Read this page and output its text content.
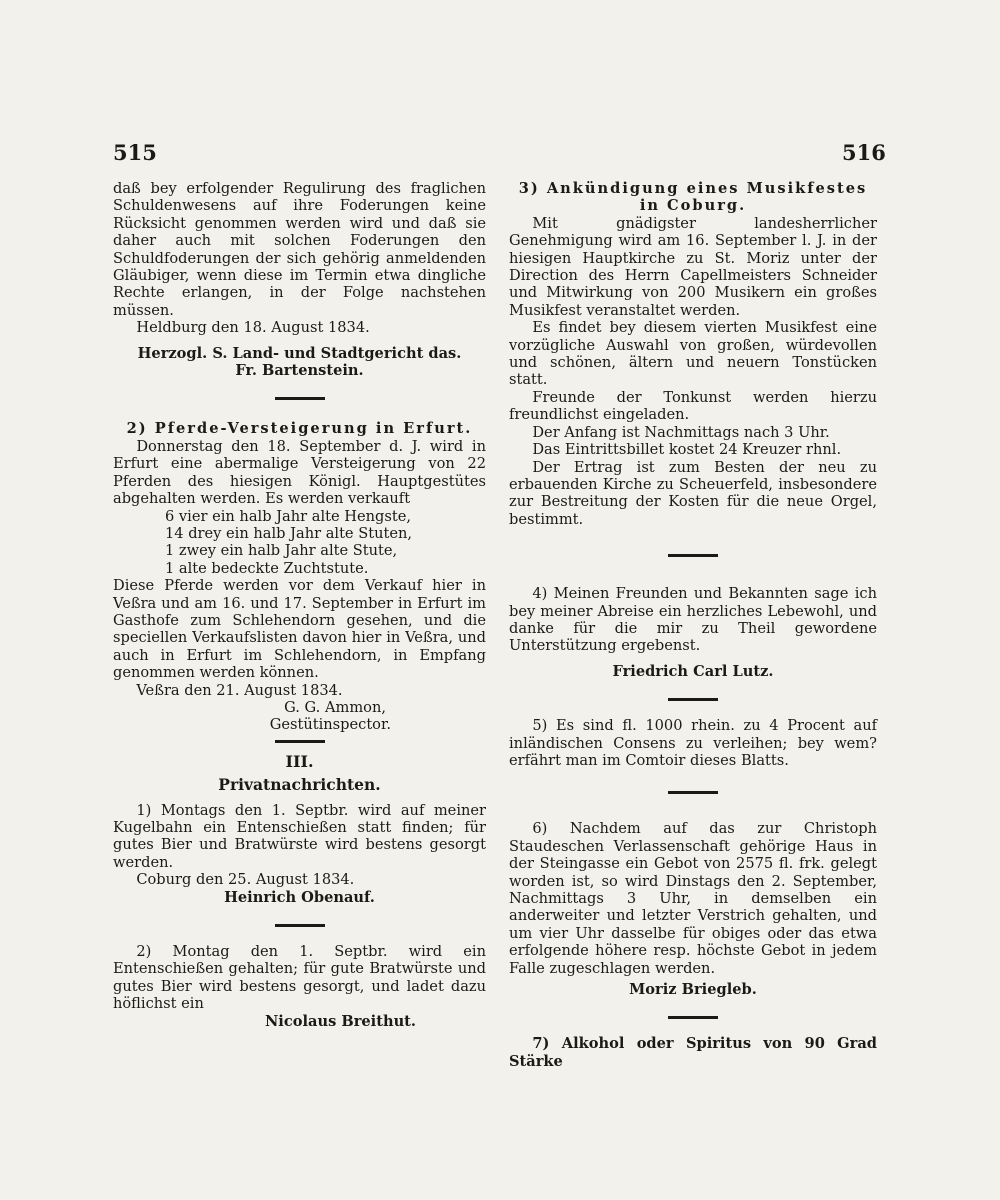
515	516

daß bey erfolgender Regulirung des fraglichen Schuldenwesens auf ihre Foderungen keine Rücksicht genommen werden wird und daß sie daher auch mit solchen Foderungen den Schuldfoderungen der sich gehörig anmeldenden Gläubiger, wenn diese im Termin etwa dingliche Rechte erlangen, in der Folge nachstehen müssen.

Heldburg den 18. August 1834.

Herzogl. S. Land- und Stadtgericht das.

Fr. Bartenstein.

2) Pferde-Versteigerung in Erfurt.

Donnerstag den 18. September d. J. wird in Erfurt eine abermalige Versteigerung von 22 Pferden des hiesigen Königl. Hauptgestütes abgehalten werden. Es werden verkauft

6 vier ein halb Jahr alte Hengste,

14 drey ein halb Jahr alte Stuten,

1 zwey ein halb Jahr alte Stute,

1 alte bedeckte Zuchtstute.

Diese Pferde werden vor dem Verkauf hier in Veßra und am 16. und 17. September in Erfurt im Gasthofe zum Schlehendorn gesehen, und die speciellen Verkaufslisten davon hier in Veßra, und auch in Erfurt im Schlehendorn, in Empfang genommen werden können.

Veßra den 21. August 1834.

G. G. Ammon,

Gestütinspector.

III.

Privatnachrichten.

1) Montags den 1. Septbr. wird auf meiner Kugelbahn ein Entenschießen statt finden; für gutes Bier und Bratwürste wird bestens gesorgt werden.

Coburg den 25. August 1834.

Heinrich Obenauf.

2) Montag den 1. Septbr. wird ein Entenschießen gehalten; für gute Bratwürste und gutes Bier wird bestens gesorgt, und ladet dazu höflichst ein

Nicolaus Breithut.

3) Ankündigung eines Musikfestes in Coburg.

Mit gnädigster landesherrlicher Genehmigung wird am 16. September l. J. in der hiesigen Hauptkirche zu St. Moriz unter der Direction des Herrn Capellmeisters Schneider und Mitwirkung von 200 Musikern ein großes Musikfest veranstaltet werden.

Es findet bey diesem vierten Musikfest eine vorzügliche Auswahl von großen, würdevollen und schönen, ältern und neuern Tonstücken statt.

Freunde der Tonkunst werden hierzu freundlichst eingeladen.

Der Anfang ist Nachmittags nach 3 Uhr.

Das Eintrittsbillet kostet 24 Kreuzer rhnl.

Der Ertrag ist zum Besten der neu zu erbauenden Kirche zu Scheuerfeld, insbesondere zur Bestreitung der Kosten für die neue Orgel, bestimmt.

4) Meinen Freunden und Bekannten sage ich bey meiner Abreise ein herzliches Lebewohl, und danke für die mir zu Theil gewordene Unterstützung ergebenst.

Friedrich Carl Lutz.

5) Es sind fl. 1000 rhein. zu 4 Procent auf inländischen Consens zu verleihen; bey wem? erfährt man im Comtoir dieses Blatts.

6) Nachdem auf das zur Christoph Staudeschen Verlassenschaft gehörige Haus in der Steingasse ein Gebot von 2575 fl. frk. gelegt worden ist, so wird Dinstags den 2. September, Nachmittags 3 Uhr, in demselben ein anderweiter und letzter Verstrich gehalten, und um vier Uhr dasselbe für obiges oder das etwa erfolgende höhere resp. höchste Gebot in jedem Falle zugeschlagen werden.

Moriz Briegleb.

7) Alkohol oder Spiritus von 90 Grad Stärke
